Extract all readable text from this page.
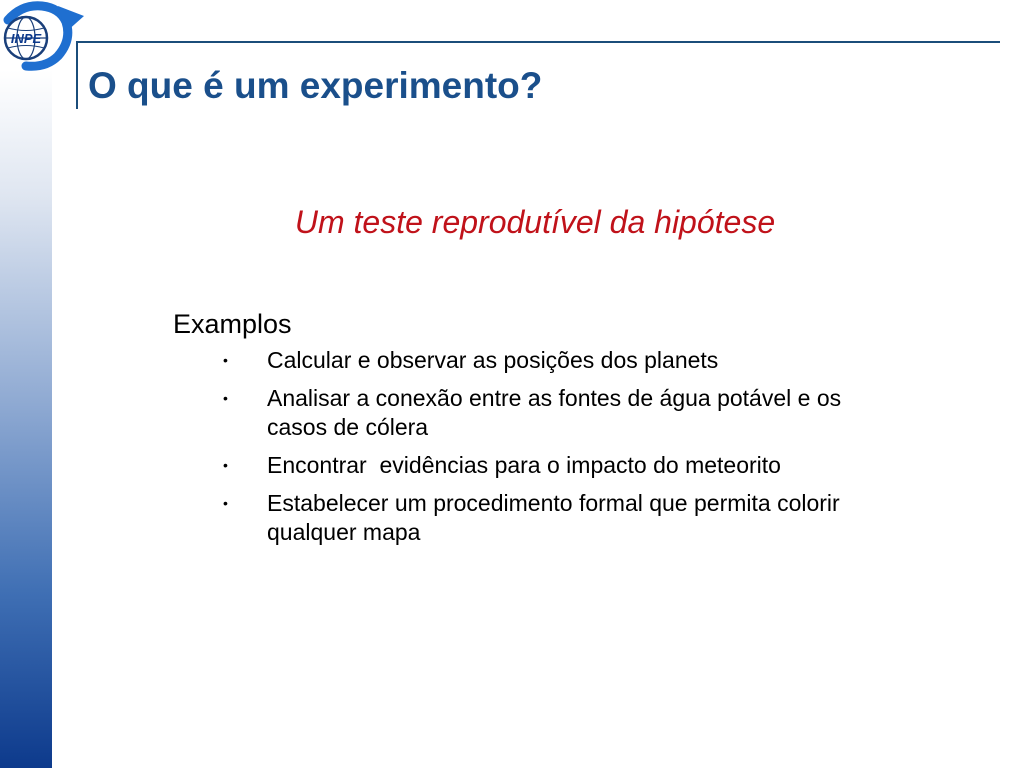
INPE
O que é um experimento?
Um teste reprodutível da hipótese
Examplos
• Calcular e observar as posições dos planets
• Analisar a conexão entre as fontes de água potável e os casos de cólera
• Encontrar  evidências para o impacto do meteorito
• Estabelecer um procedimento formal que permita colorir qualquer mapa
